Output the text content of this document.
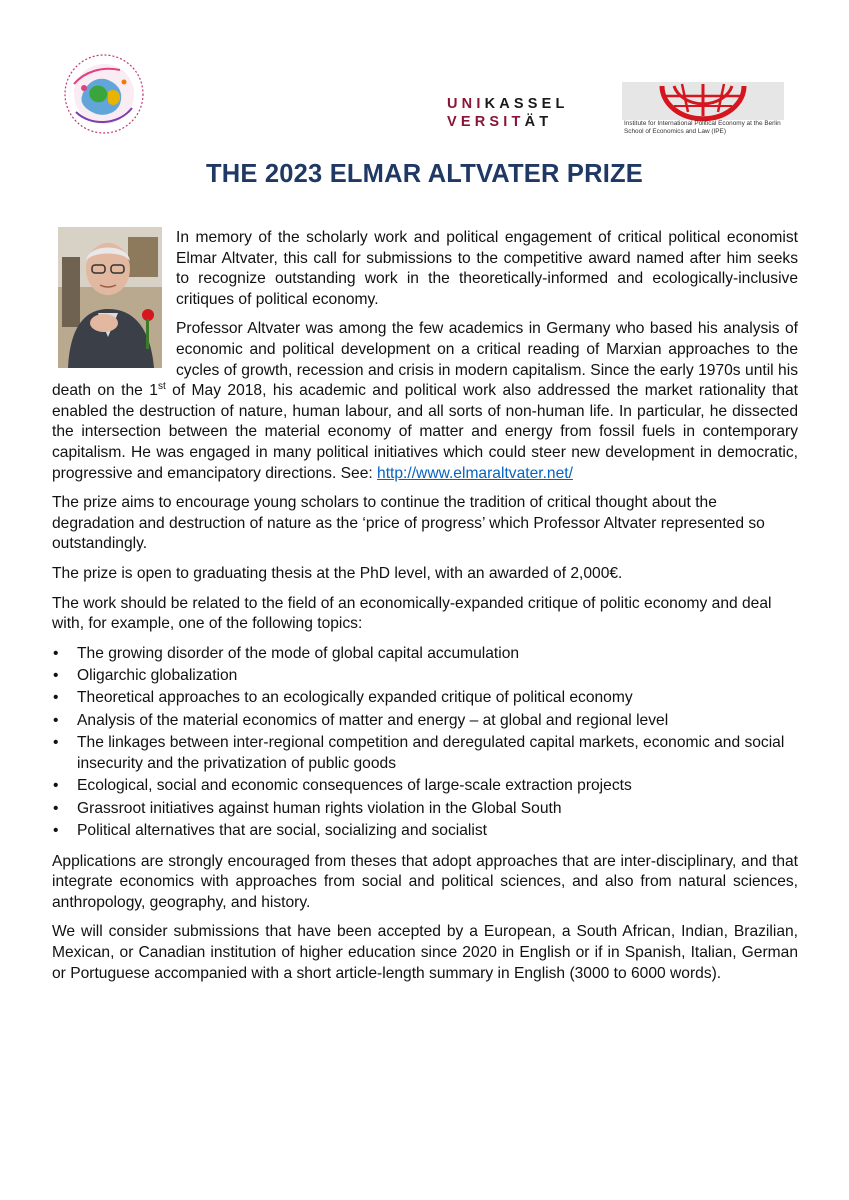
UNIKASSEL
VERSITÄT	Institute for International Political Economy at the Berlin School of Economics and Law (IPE)
THE 2023 ELMAR ALTVATER PRIZE

In memory of the scholarly work and political engagement of critical political economist Elmar Altvater, this call for submissions to the competitive award named after him seeks to recognize outstanding work in the theoretically-informed and ecologically-inclusive critiques of political economy.

Professor Altvater was among the few academics in Germany who based his analysis of economic and political development on a critical reading of Marxian approaches to the cycles of growth, recession and crisis in modern capitalism. Since the early 1970s until his death on the 1st of May 2018, his academic and political work also addressed the market rationality that enabled the destruction of nature, human labour, and all sorts of non-human life. In particular, he dissected the intersection between the material economy of matter and energy from fossil fuels in contemporary capitalism. He was engaged in many political initiatives which could steer new development in democratic, progressive and emancipatory directions. See: http://www.elmaraltvater.net/

The prize aims to encourage young scholars to continue the tradition of critical thought about the degradation and destruction of nature as the ‘price of progress’ which Professor Altvater represented so outstandingly.

The prize is open to graduating thesis at the PhD level, with an awarded of 2,000€.

The work should be related to the field of an economically-expanded critique of politic economy and deal with, for example, one of the following topics:

• The growing disorder of the mode of global capital accumulation
• Oligarchic globalization
• Theoretical approaches to an ecologically expanded critique of political economy
• Analysis of the material economics of matter and energy – at global and regional level
• The linkages between inter-regional competition and deregulated capital markets, economic and social insecurity and the privatization of public goods
• Ecological, social and economic consequences of large-scale extraction projects
• Grassroot initiatives against human rights violation in the Global South
• Political alternatives that are social, socializing and socialist

Applications are strongly encouraged from theses that adopt approaches that are inter-disciplinary, and that integrate economics with approaches from social and political sciences, and also from natural sciences, anthropology, geography, and history.

We will consider submissions that have been accepted by a European, a South African, Indian, Brazilian, Mexican, or Canadian institution of higher education since 2020 in English or if in Spanish, Italian, German or Portuguese accompanied with a short article-length summary in English (3000 to 6000 words).
